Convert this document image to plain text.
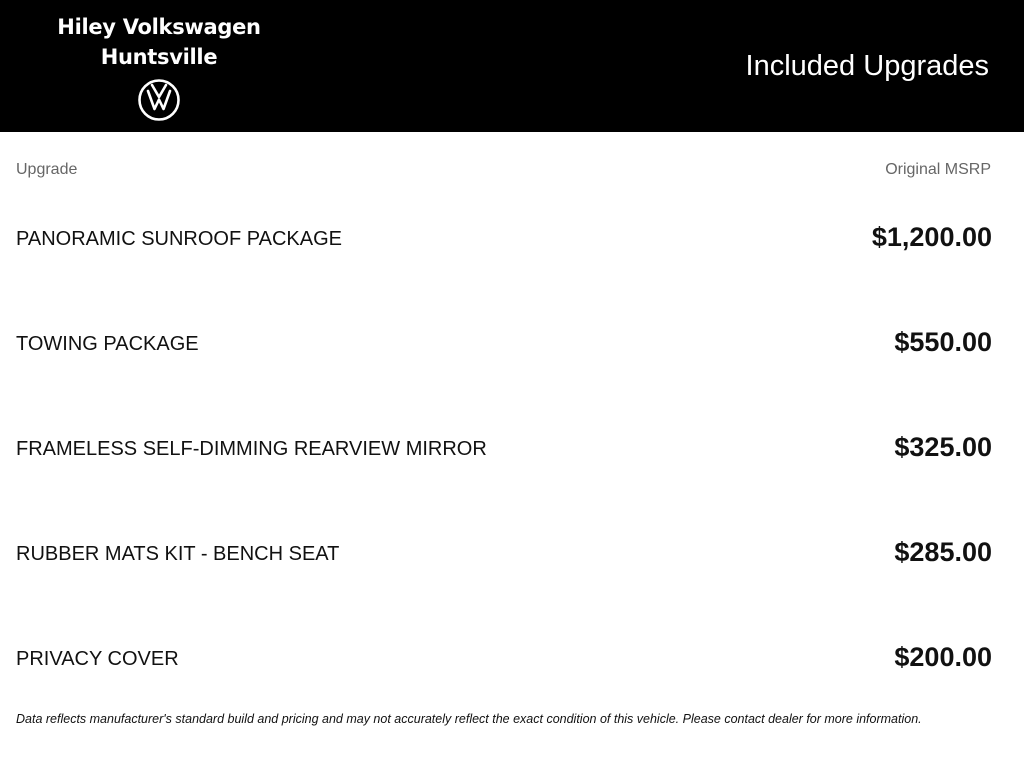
Hiley Volkswagen
Huntsville	Included Upgrades
Upgrade	Original MSRP
PANORAMIC SUNROOF PACKAGE	$1,200.00
TOWING PACKAGE	$550.00
FRAMELESS SELF-DIMMING REARVIEW MIRROR	$325.00
RUBBER MATS KIT - BENCH SEAT	$285.00
PRIVACY COVER	$200.00
Data reflects manufacturer's standard build and pricing and may not accurately reflect the exact condition of this vehicle. Please contact dealer for more information.
